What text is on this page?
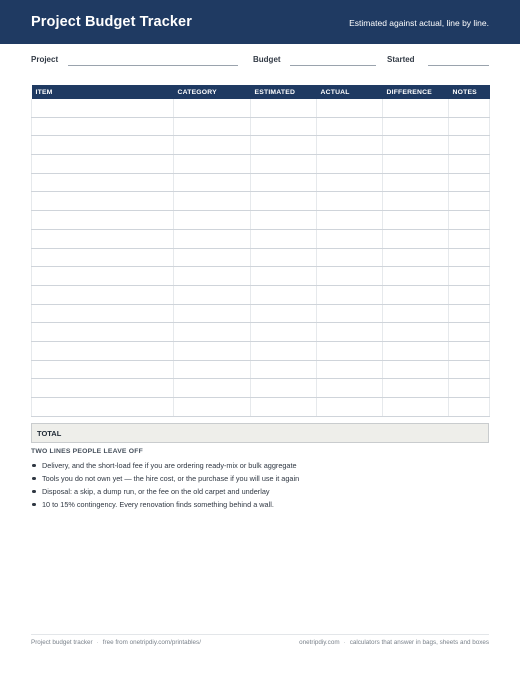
Project Budget Tracker	Estimated against actual, line by line.
Project	Budget	Started
ITEM	CATEGORY	ESTIMATED	ACTUAL	DIFFERENCE	NOTES

TOTAL
TWO LINES PEOPLE LEAVE OFF
Delivery, and the short-load fee if you are ordering ready-mix or bulk aggregate
Tools you do not own yet — the hire cost, or the purchase if you will use it again
Disposal: a skip, a dump run, or the fee on the old carpet and underlay
10 to 15% contingency. Every renovation finds something behind a wall.
Project budget tracker · free from onetripdiy.com/printables/	onetripdiy.com · calculators that answer in bags, sheets and boxes
